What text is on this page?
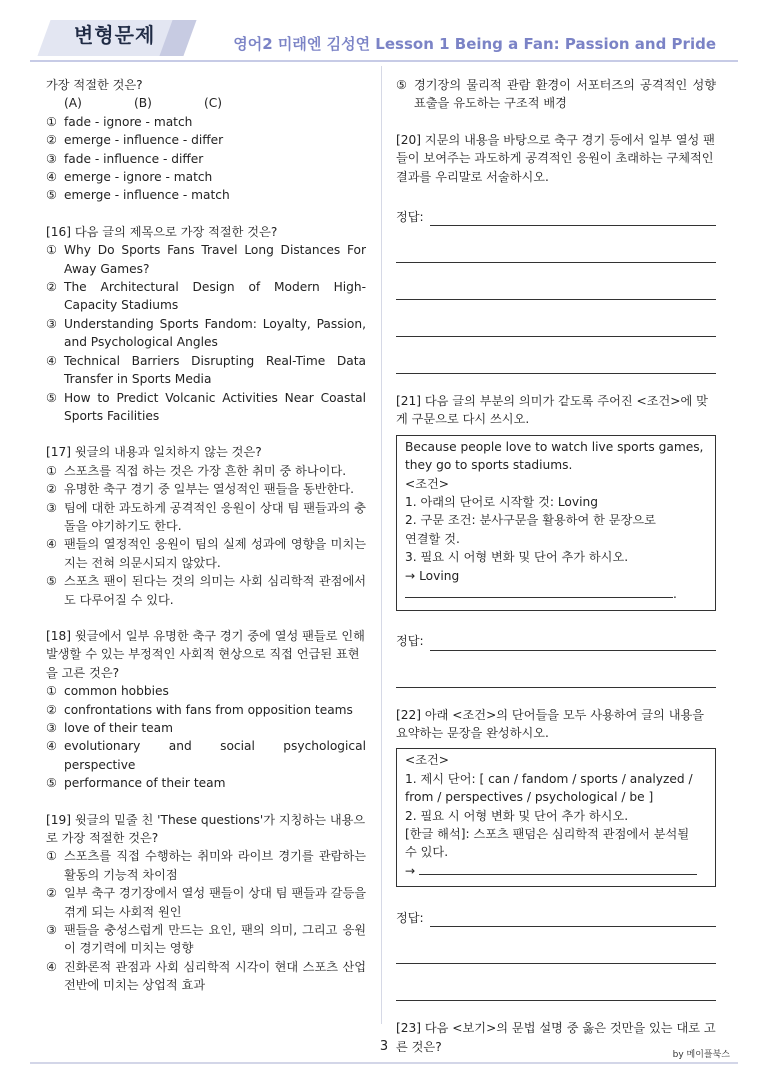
변형문제	영어2 미래엔 김성연 Lesson 1 Being a Fan: Passion and Pride

가장 적절한 것은?

(A)	(B)	(C)
① fade - ignore - match
② emerge - influence - differ
③ fade - influence - differ
④ emerge - ignore - match
⑤ emerge - influence - match

[16] 다음 글의 제목으로 가장 적절한 것은?

① Why Do Sports Fans Travel Long Distances For Away Games?
② The Architectural Design of Modern High-Capacity Stadiums
③ Understanding Sports Fandom: Loyalty, Passion, and Psychological Angles
④ Technical Barriers Disrupting Real-Time Data Transfer in Sports Media
⑤ How to Predict Volcanic Activities Near Coastal Sports Facilities

[17] 윗글의 내용과 일치하지 않는 것은?

① 스포츠를 직접 하는 것은 가장 흔한 취미 중 하나이다.
② 유명한 축구 경기 중 일부는 열성적인 팬들을 동반한다.
③ 팀에 대한 과도하게 공격적인 응원이 상대 팀 팬들과의 충돌을 야기하기도 한다.
④ 팬들의 열정적인 응원이 팀의 실제 성과에 영향을 미치는지는 전혀 의문시되지 않았다.
⑤ 스포츠 팬이 된다는 것의 의미는 사회 심리학적 관점에서도 다루어질 수 있다.

[18] 윗글에서 일부 유명한 축구 경기 중에 열성 팬들로 인해 발생할 수 있는 부정적인 사회적 현상으로 직접 언급된 표현을 고른 것은?

① common hobbies
② confrontations with fans from opposition teams
③ love of their team
④ evolutionary and social psychological perspective
⑤ performance of their team

[19] 윗글의 밑줄 친 'These questions'가 지칭하는 내용으로 가장 적절한 것은?

① 스포츠를 직접 수행하는 취미와 라이브 경기를 관람하는 활동의 기능적 차이점
② 일부 축구 경기장에서 열성 팬들이 상대 팀 팬들과 갈등을 겪게 되는 사회적 원인
③ 팬들을 충성스럽게 만드는 요인, 팬의 의미, 그리고 응원이 경기력에 미치는 영향
④ 진화론적 관점과 사회 심리학적 시각이 현대 스포츠 산업 전반에 미치는 상업적 효과
⑤ 경기장의 물리적 관람 환경이 서포터즈의 공격적인 성향 표출을 유도하는 구조적 배경

[20] 지문의 내용을 바탕으로 축구 경기 등에서 일부 열성 팬들이 보여주는 과도하게 공격적인 응원이 초래하는 구체적인 결과를 우리말로 서술하시오.

정답:

[21] 다음 글의 부분의 의미가 같도록 주어진 <조건>에 맞게 구문으로 다시 쓰시오.

Because people love to watch live sports games,

they go to sports stadiums.

<조건>

1. 아래의 단어로 시작할 것: Loving

2. 구문 조건: 분사구문을 활용하여 한 문장으로

연결할 것.

3. 필요 시 어형 변화 및 단어 추가 하시오.

→ Loving .

정답:

[22] 아래 <조건>의 단어들을 모두 사용하여 글의 내용을 요약하는 문장을 완성하시오.

<조건>

1. 제시 단어: [ can / fandom / sports / analyzed /

from / perspectives / psychological / be ]

2. 필요 시 어형 변화 및 단어 추가 하시오.

[한글 해석]: 스포츠 팬덤은 심리학적 관점에서 분석될

수 있다.

→

정답:

[23] 다음 <보기>의 문법 설명 중 옳은 것만을 있는 대로 고른 것은?

3
by 메이플북스
